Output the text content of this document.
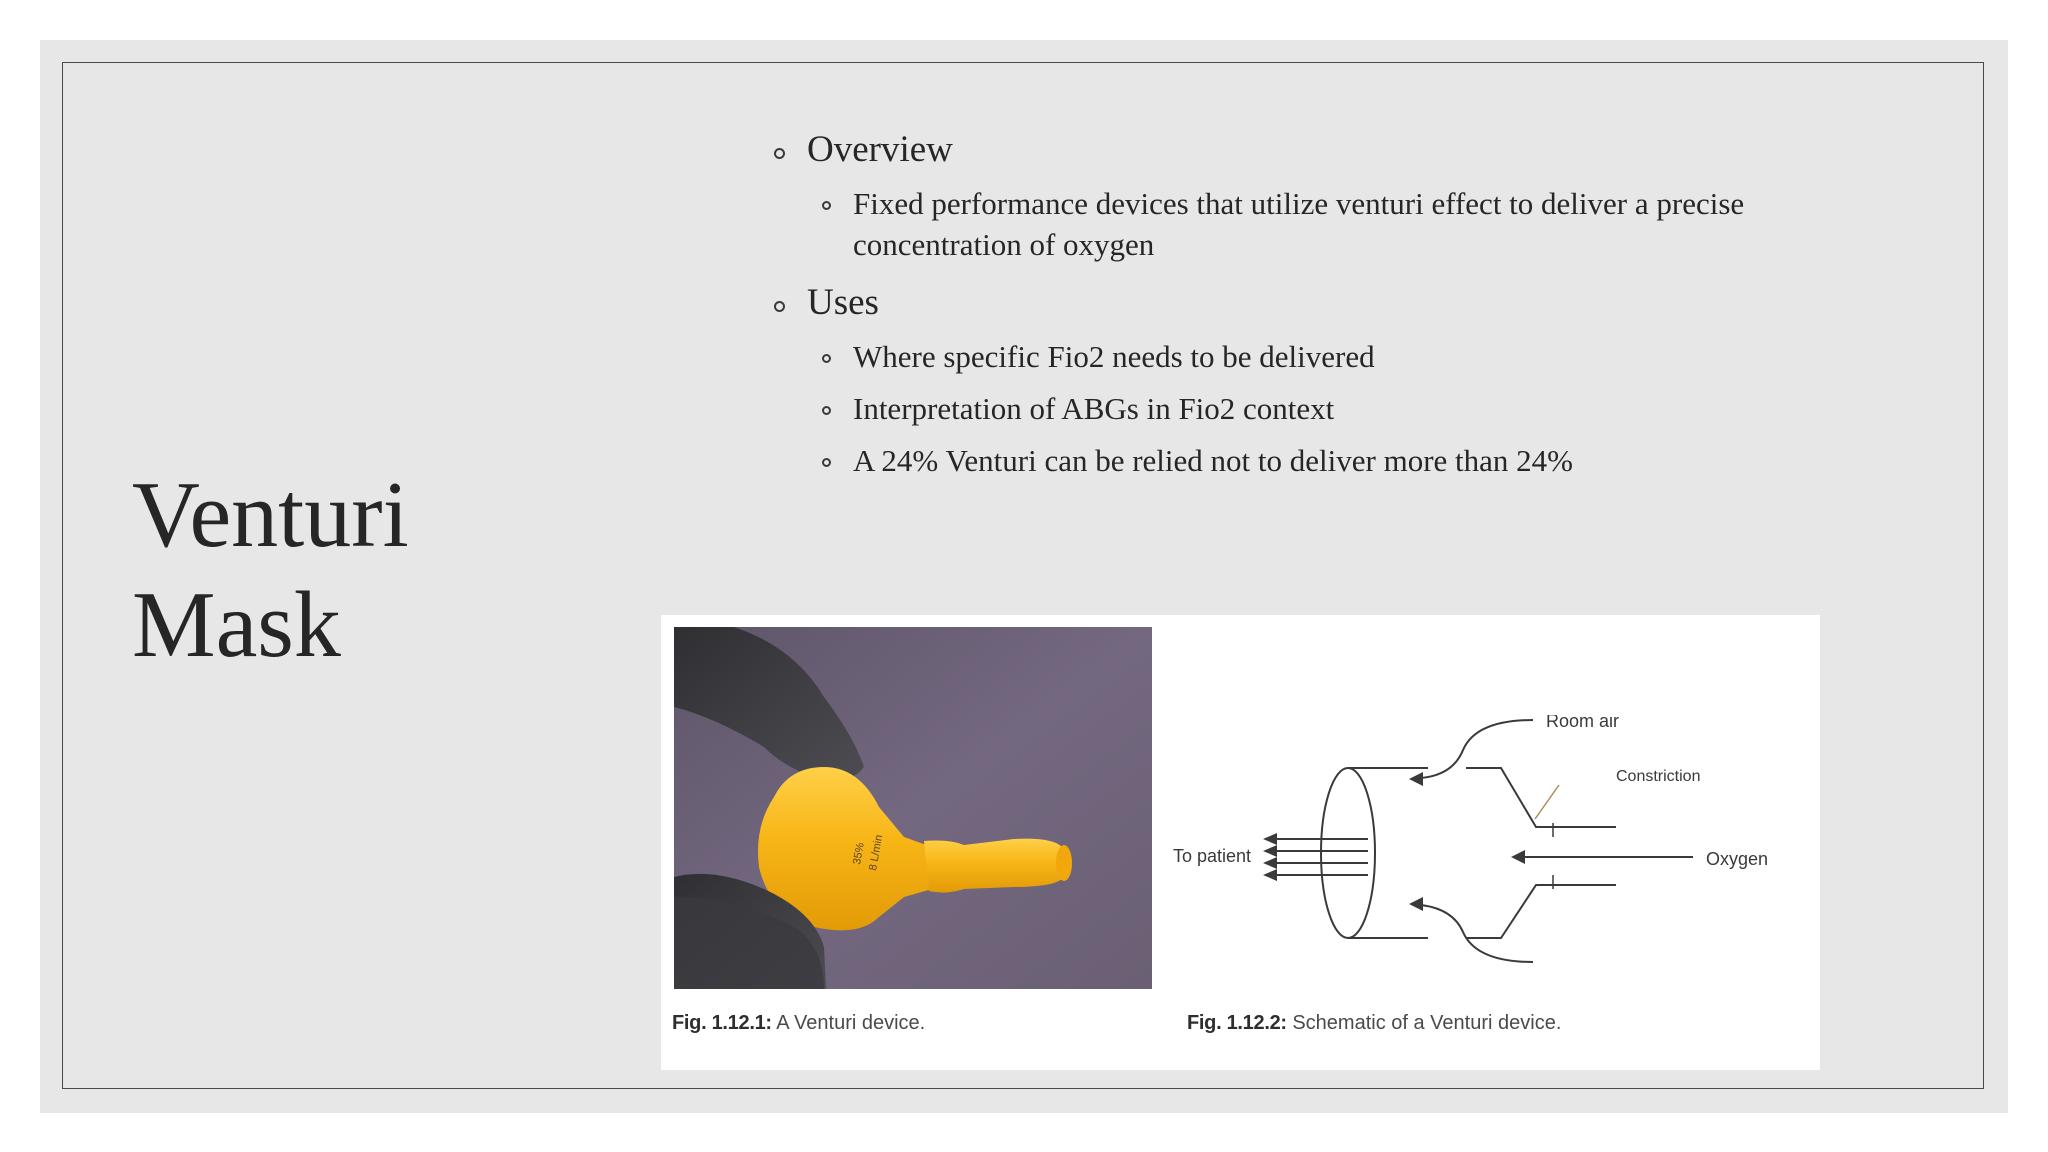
Venturi
Mask
Overview
Fixed performance devices that utilize venturi effect to deliver a precise concentration of oxygen
Uses
Where specific Fio2 needs to be delivered
Interpretation of ABGs in Fio2 context
A 24% Venturi can be relied not to deliver more than 24%
35% 8 L/min
Room air
Constriction
To patient	Oxygen
Fig. 1.12.1: A Venturi device.	Fig. 1.12.2: Schematic of a Venturi device.
